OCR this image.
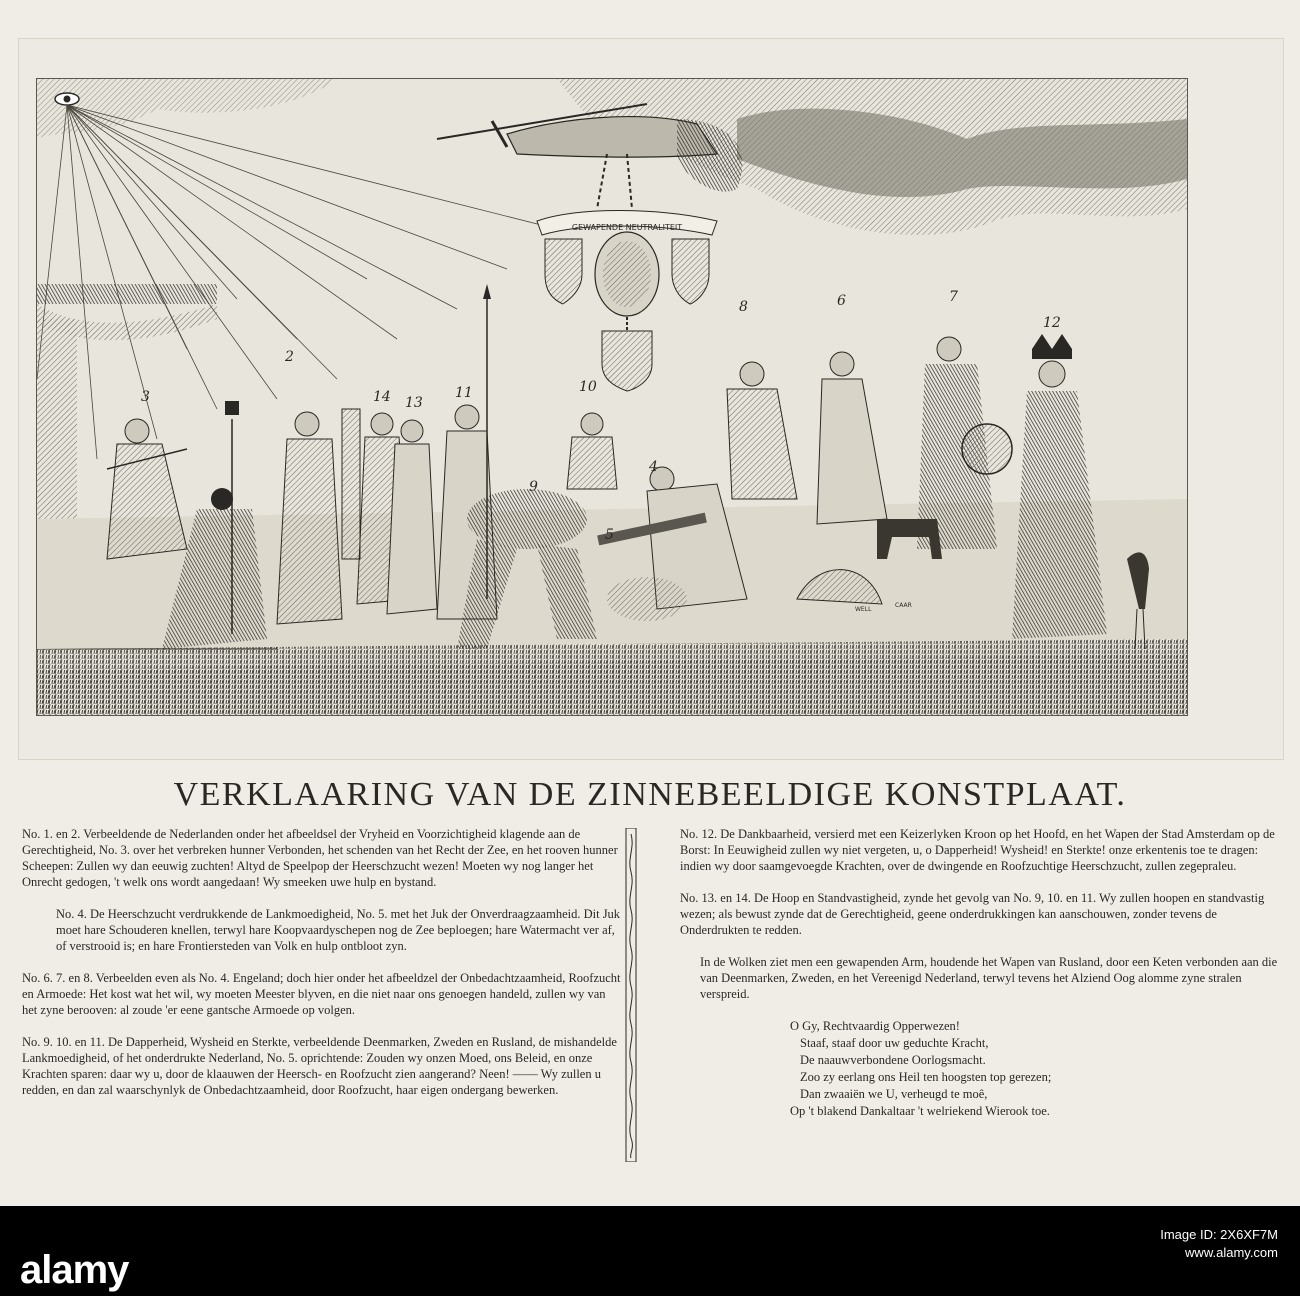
GEWAPENDE NEUTRALITEIT
WELL
CAAR
3
2
14 13
11	10
9
4
5
8	6	7
12
VERKLAARING VAN DE ZINNEBEELDIGE KONSTPLAAT.

No. 1. en 2. Verbeeldende de Nederlanden onder het afbeeldsel der Vryheid en Voorzichtigheid klagende aan de Gerechtigheid, No. 3. over het verbreken hunner Verbonden, het schenden van het Recht der Zee, en het rooven hunner Scheepen: Zullen wy dan eeuwig zuchten! Altyd de Speelpop der Heerschzucht wezen! Moeten wy nog langer het Onrecht gedogen, 't welk ons wordt aangedaan! Wy smeeken uwe hulp en bystand.

No. 4. De Heerschzucht verdrukkende de Lankmoedigheid, No. 5. met het Juk der Onverdraagzaamheid. Dit Juk moet hare Schouderen knellen, terwyl hare Koopvaardyschepen nog de Zee beploegen; hare Watermacht ver af, of verstrooid is; en hare Frontiersteden van Volk en hulp ontbloot zyn.

No. 6. 7. en 8. Verbeelden even als No. 4. Engeland; doch hier onder het afbeeldzel der Onbedachtzaamheid, Roofzucht en Armoede: Het kost wat het wil, wy moeten Meester blyven, en die niet naar ons genoegen handeld, zullen wy van het zyne berooven: al zoude 'er eene gantsche Armoede op volgen.

No. 9. 10. en 11. De Dapperheid, Wysheid en Sterkte, verbeeldende Deenmarken, Zweden en Rusland, de mishandelde Lankmoedigheid, of het onderdrukte Nederland, No. 5. oprichtende: Zouden wy onzen Moed, ons Beleid, en onze Krachten sparen: daar wy u, door de klaauwen der Heersch- en Roofzucht zien aangerand? Neen! —— Wy zullen u redden, en dan zal waarschynlyk de Onbedachtzaamheid, door Roofzucht, haar eigen ondergang bewerken.

No. 12. De Dankbaarheid, versierd met een Keizerlyken Kroon op het Hoofd, en het Wapen der Stad Amsterdam op de Borst: In Eeuwigheid zullen wy niet vergeten, u, o Dapperheid! Wysheid! en Sterkte! onze erkentenis toe te dragen: indien wy door saamgevoegde Krachten, over de dwingende en Roofzuchtige Heerschzucht, zullen zegepraleu.

No. 13. en 14. De Hoop en Standvastigheid, zynde het gevolg van No. 9, 10. en 11. Wy zullen hoopen en standvastig wezen; als bewust zynde dat de Gerechtigheid, geene onderdrukkingen kan aanschouwen, zonder tevens de Onderdrukten te redden.

In de Wolken ziet men een gewapenden Arm, houdende het Wapen van Rusland, door een Keten verbonden aan die van Deenmarken, Zweden, en het Vereenigd Nederland, terwyl tevens het Alziend Oog alomme zyne stralen verspreid.

O Gy, Rechtvaardig Opperwezen!
Staaf, staaf door uw geduchte Kracht,
De naauwverbondene Oorlogsmacht.
Zoo zy eerlang ons Heil ten hoogsten top gerezen;
Dan zwaaiën we U, verheugd te moê,
Op 't blakend Dankaltaar 't welriekend Wierook toe.
alamy
Image ID: 2X6XF7M
www.alamy.com
